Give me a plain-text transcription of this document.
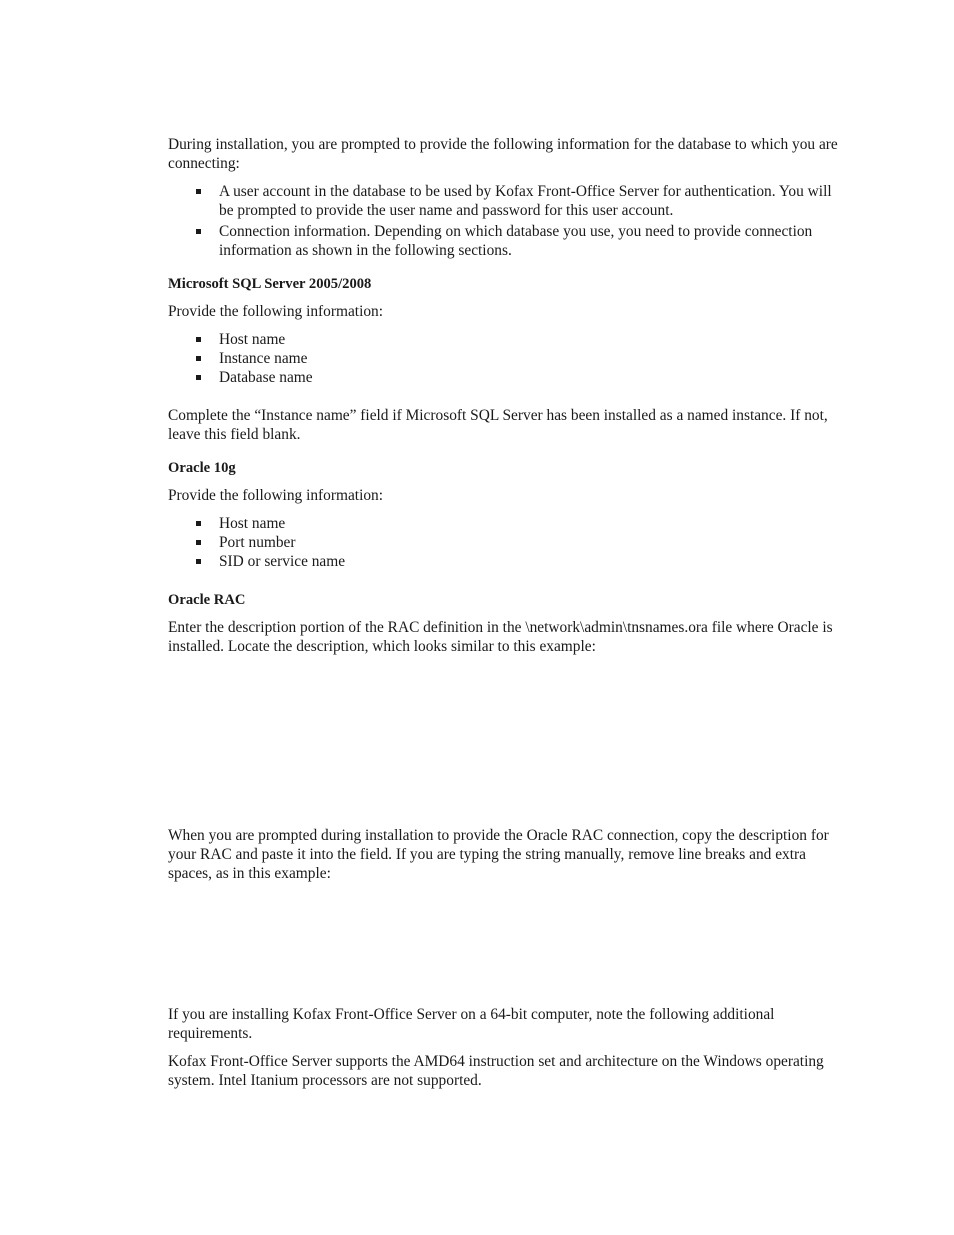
During installation, you are prompted to provide the following information for the database to which you are connecting:

A user account in the database to be used by Kofax Front-Office Server for authentication. You will be prompted to provide the user name and password for this user account.
Connection information. Depending on which database you use, you need to provide connection information as shown in the following sections.

Microsoft SQL Server 2005/2008

Provide the following information:

Host name
Instance name
Database name

Complete the “Instance name” field if Microsoft SQL Server has been installed as a named instance. If not, leave this field blank.

Oracle 10g

Provide the following information:

Host name
Port number
SID or service name

Oracle RAC

Enter the description portion of the RAC definition in the \network\admin\tnsnames.ora file where Oracle is installed. Locate the description, which looks similar to this example:

When you are prompted during installation to provide the Oracle RAC connection, copy the description for your RAC and paste it into the field. If you are typing the string manually, remove line breaks and extra spaces, as in this example:

If you are installing Kofax Front-Office Server on a 64-bit computer, note the following additional requirements.

Kofax Front-Office Server supports the AMD64 instruction set and architecture on the Windows operating system. Intel Itanium processors are not supported.
